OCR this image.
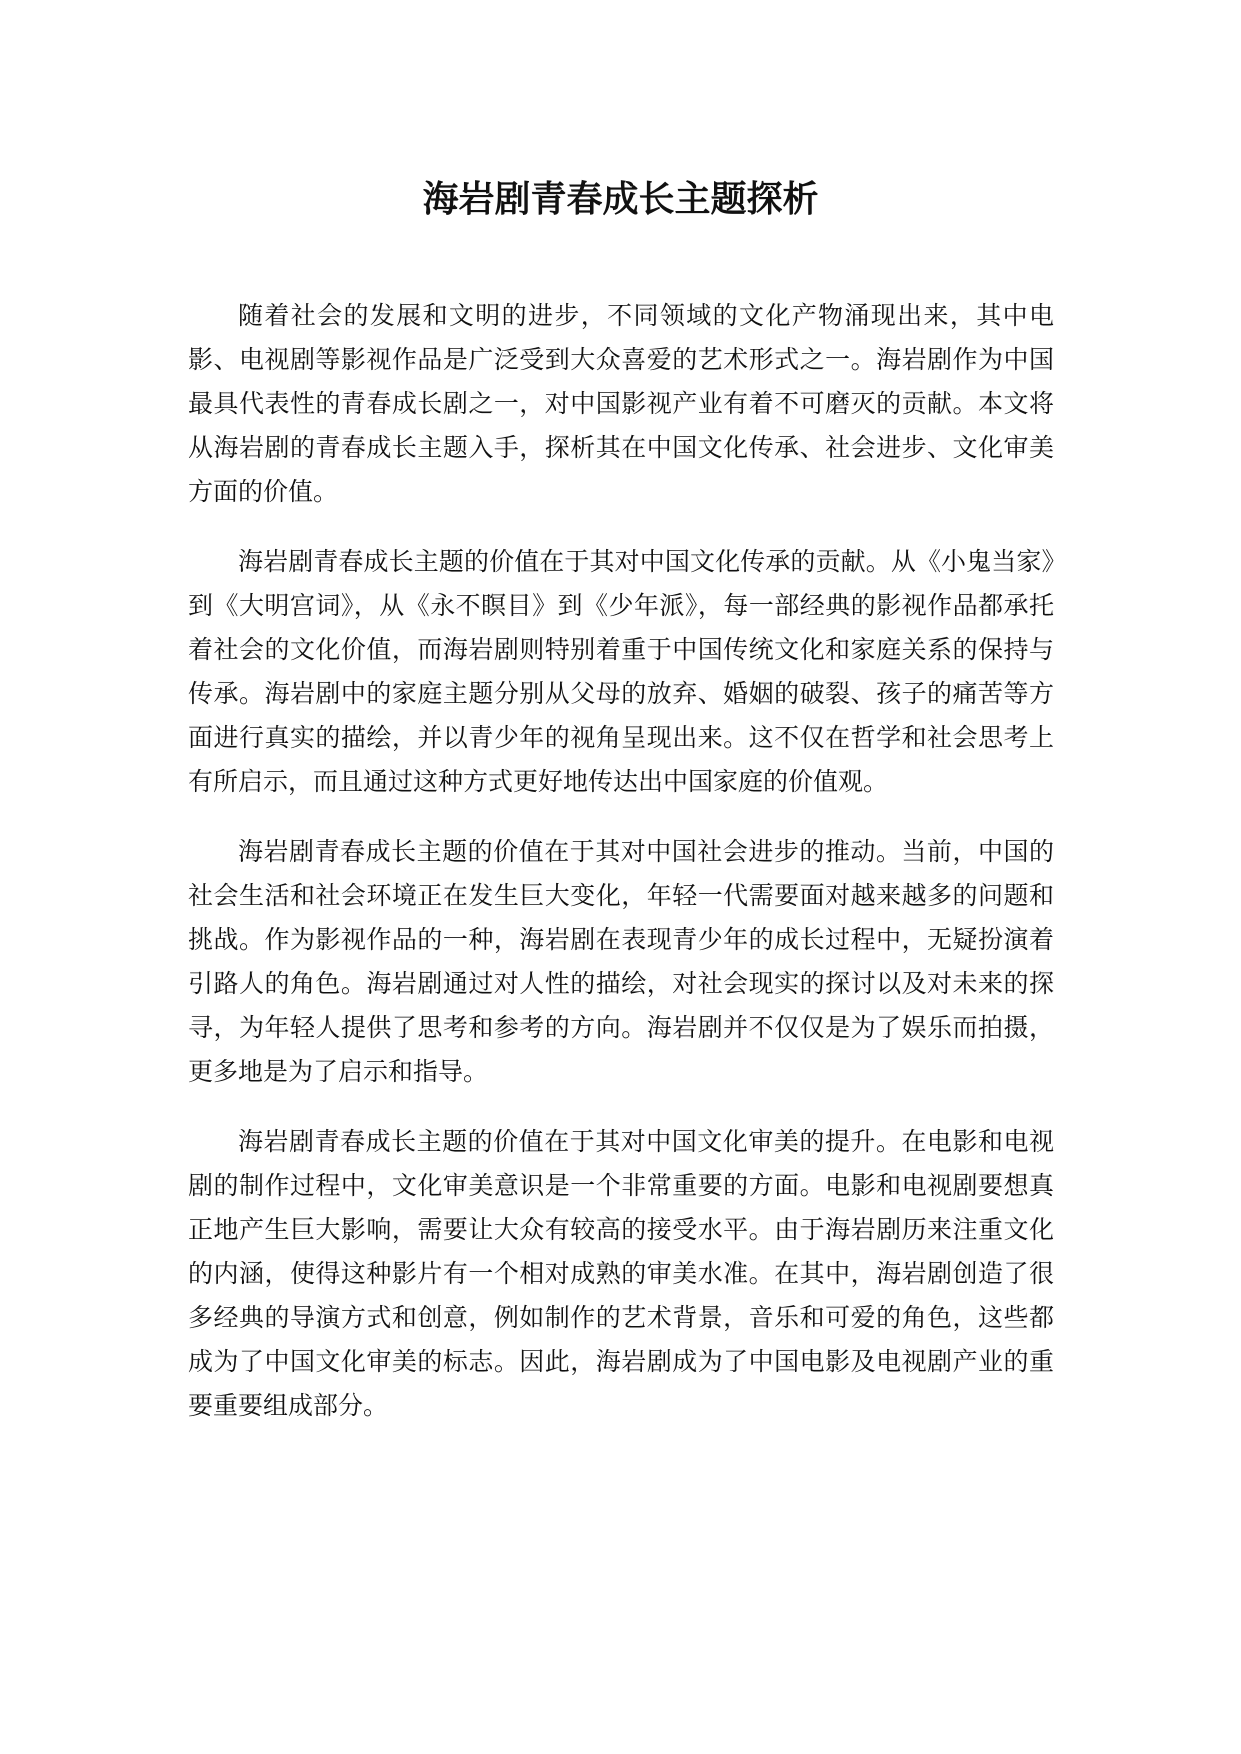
海岩剧青春成长主题探析

随着社会的发展和文明的进步，不同领域的文化产物涌现出来，其中电影、电视剧等影视作品是广泛受到大众喜爱的艺术形式之一。海岩剧作为中国最具代表性的青春成长剧之一，对中国影视产业有着不可磨灭的贡献。本文将从海岩剧的青春成长主题入手，探析其在中国文化传承、社会进步、文化审美方面的价值。

海岩剧青春成长主题的价值在于其对中国文化传承的贡献。从《小鬼当家》到《大明宫词》，从《永不瞑目》到《少年派》，每一部经典的影视作品都承托着社会的文化价值，而海岩剧则特别着重于中国传统文化和家庭关系的保持与传承。海岩剧中的家庭主题分别从父母的放弃、婚姻的破裂、孩子的痛苦等方面进行真实的描绘，并以青少年的视角呈现出来。这不仅在哲学和社会思考上有所启示，而且通过这种方式更好地传达出中国家庭的价值观。

海岩剧青春成长主题的价值在于其对中国社会进步的推动。当前，中国的社会生活和社会环境正在发生巨大变化，年轻一代需要面对越来越多的问题和挑战。作为影视作品的一种，海岩剧在表现青少年的成长过程中，无疑扮演着引路人的角色。海岩剧通过对人性的描绘，对社会现实的探讨以及对未来的探寻，为年轻人提供了思考和参考的方向。海岩剧并不仅仅是为了娱乐而拍摄，更多地是为了启示和指导。

海岩剧青春成长主题的价值在于其对中国文化审美的提升。在电影和电视剧的制作过程中，文化审美意识是一个非常重要的方面。电影和电视剧要想真正地产生巨大影响，需要让大众有较高的接受水平。由于海岩剧历来注重文化的内涵，使得这种影片有一个相对成熟的审美水准。在其中，海岩剧创造了很多经典的导演方式和创意，例如制作的艺术背景，音乐和可爱的角色，这些都成为了中国文化审美的标志。因此，海岩剧成为了中国电影及电视剧产业的重要重要组成部分。
